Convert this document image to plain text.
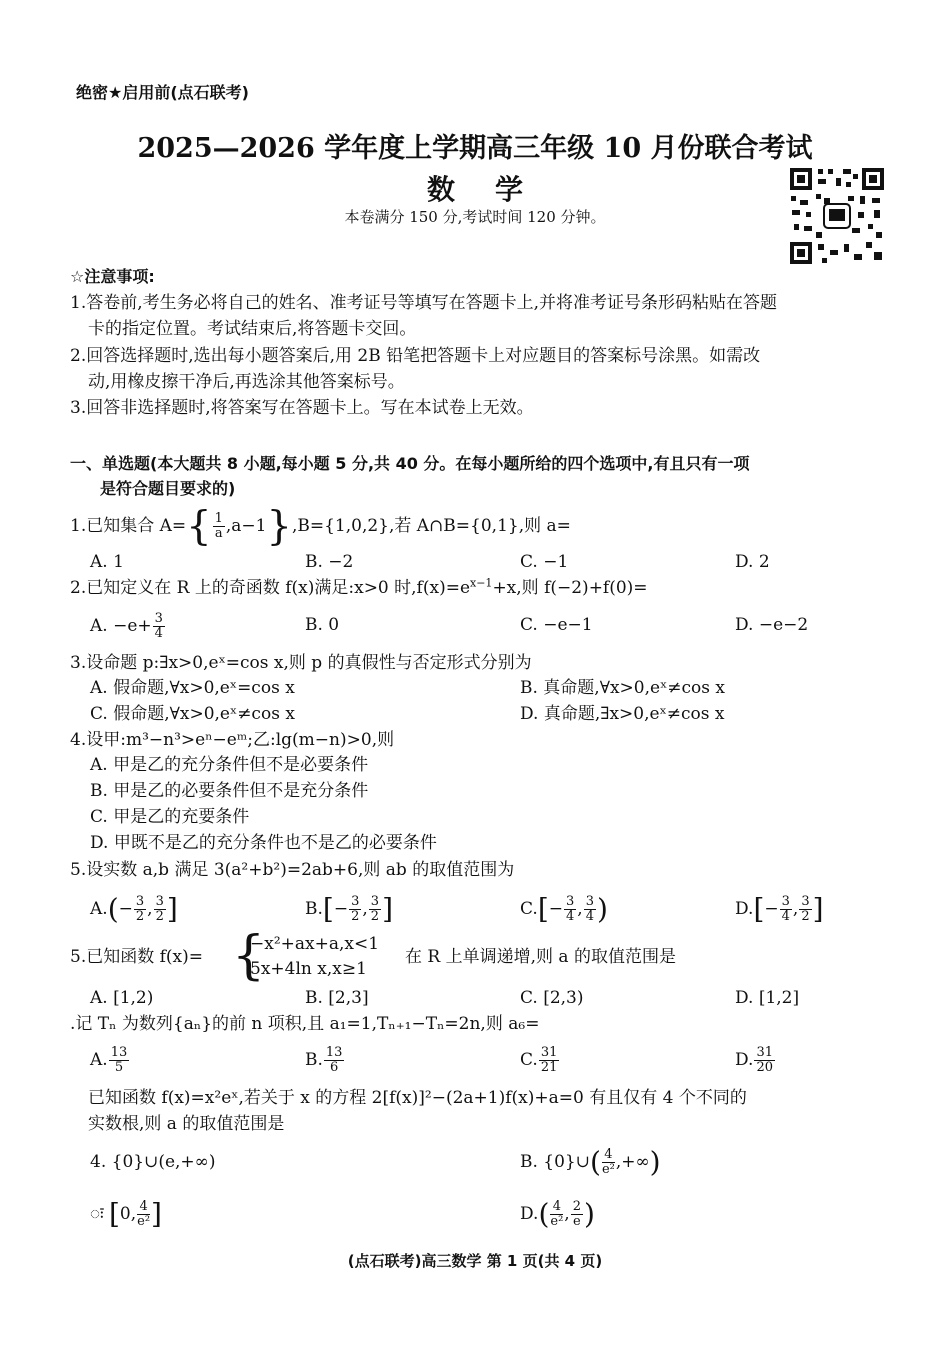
绝密★启用前(点石联考)
2025—2026 学年度上学期高三年级 10 月份联合考试
数学
本卷满分 150 分,考试时间 120 分钟。
☆注意事项:
1.答卷前,考生务必将自己的姓名、准考证号等填写在答题卡上,并将准考证号条形码粘贴在答题
卡的指定位置。考试结束后,将答题卡交回。
2.回答选择题时,选出每小题答案后,用 2B 铅笔把答题卡上对应题目的答案标号涂黑。如需改
动,用橡皮擦干净后,再选涂其他答案标号。
3.回答非选择题时,将答案写在答题卡上。写在本试卷上无效。
一、单选题(本大题共 8 小题,每小题 5 分,共 40 分。在每小题所给的四个选项中,有且只有一项
是符合题目要求的)
1.已知集合 $A=\{ \frac{1}{a} ,a-1\},B=\{1,0,2\}$,若 A∩B={0,1},则 a=
A. 1	B. −2	C. −1	D. 2
2.已知定义在 R 上的奇函数 f(x)满足:x>0 时$,f(x)=e^{x-1}+x$,则 f(−2)+f(0)=
A. $-e+ \frac{3}{4}$	B. 0	C. −e−1	D. −e−2
3.设命题 p:∃x>0,eˣ=cos x,则 p 的真假性与否定形式分别为
A. 假命题,∀x>0,eˣ=cos x	B. 真命题,∀x>0,eˣ≠cos x
C. 假命题,∀x>0,eˣ≠cos x	D. 真命题,∃x>0,eˣ≠cos x
4.设甲:m³−n³>eⁿ−eᵐ;乙:lg(m−n)>0,则
A. 甲是乙的充分条件但不是必要条件
B. 甲是乙的必要条件但不是充分条件
C. 甲是乙的充要条件
D. 甲既不是乙的充分条件也不是乙的必要条件
5.设实数 a,b 满足 3(a²+b²)=2ab+6,则 ab 的取值范围为
$A.(- \frac{3}{2}$ , $\frac{3}{2}$ ]	$B.[- \frac{3}{2}$ , $\frac{3}{2}$ ]	$C.[- \frac{3}{4}$ , $\frac{3}{4}$ )	$D.[- \frac{3}{4}$ , $\frac{3}{2}$ ]
5.已知函数 f(x)= {
−x²+ax+a,x<1
5x+4ln x,x≥1
在 R 上单调递增,则 a 的取值范围是
A. [1,2)	B. [2,3]	C. [2,3)	D. [1,2]
.记 Tₙ 为数列{aₙ}的前 n 项积,且 a₁=1,Tₙ₊₁−Tₙ=2n,则 a₆=
A. $\frac{13}{5}$	B. $\frac{13}{6}$	C. $\frac{31}{21}$	D. $\frac{31}{20}$
已知函数 f(x)=x²eˣ,若关于 x 的方程 2[f(x)]²−(2a+1)f(x)+a=0 有且仅有 4 个不同的
实数根,则 a 的取值范围是
4. {0}∪(e,+∞)	B. {0}∪( $\frac{4}{\text{e²}}$ ,+∞)
ः [0, $\frac{4}{\text{e²}}$ ]	$D.( \frac{4}{\text{e²}}$ , $\frac{2}{e}$ )
(点石联考)高三数学 第 1 页(共 4 页)
